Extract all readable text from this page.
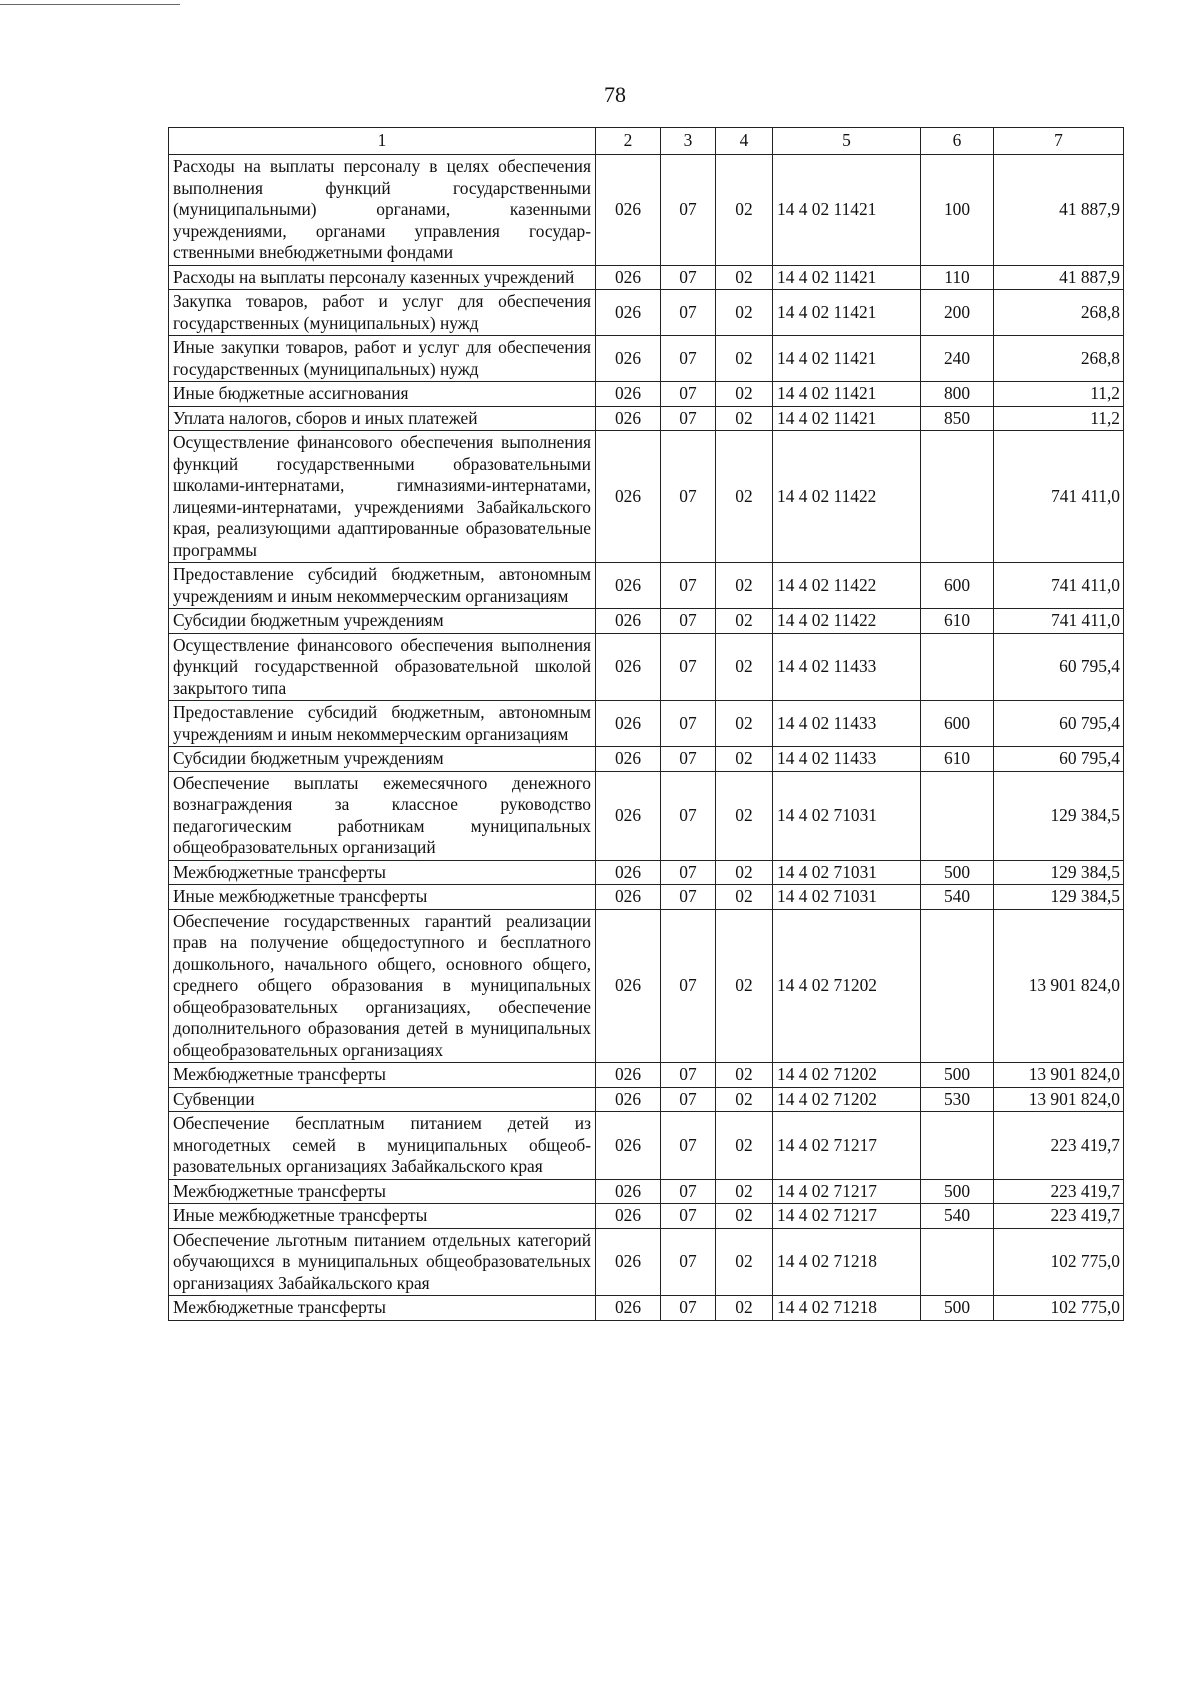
78
1	2	3	4	5	6	7
Расходы на выплаты персоналу в целях обеспечения выполнения функций государственными (муниципальными) органами, казенными учреждениями, органами управления государственными внебюджетными фондами	026	07	02	14 4 02 11421	100	41 887,9
Расходы на выплаты персоналу казенных учреждений	026	07	02	14 4 02 11421	110	41 887,9
Закупка товаров, работ и услуг для обеспечения государственных (муниципальных) нужд	026	07	02	14 4 02 11421	200	268,8
Иные закупки товаров, работ и услуг для обеспечения государственных (муниципальных) нужд	026	07	02	14 4 02 11421	240	268,8
Иные бюджетные ассигнования	026	07	02	14 4 02 11421	800	11,2
Уплата налогов, сборов и иных платежей	026	07	02	14 4 02 11421	850	11,2
Осуществление финансового обеспечения выполнения функций государственными образовательными школами-интернатами, гимназиями-интернатами, лицеями-интернатами, учреждениями Забайкальского края, реализующими адаптированные образовательные программы	026	07	02	14 4 02 11422		741 411,0
Предоставление субсидий бюджетным, автономным учреждениям и иным некоммерческим организациям	026	07	02	14 4 02 11422	600	741 411,0
Субсидии бюджетным учреждениям	026	07	02	14 4 02 11422	610	741 411,0
Осуществление финансового обеспечения выполнения функций государственной образовательной школой закрытого типа	026	07	02	14 4 02 11433		60 795,4
Предоставление субсидий бюджетным, автономным учреждениям и иным некоммерческим организациям	026	07	02	14 4 02 11433	600	60 795,4
Субсидии бюджетным учреждениям	026	07	02	14 4 02 11433	610	60 795,4
Обеспечение выплаты ежемесячного денежного вознаграждения за классное руководство педагогическим работникам муниципальных общеобразовательных организаций	026	07	02	14 4 02 71031		129 384,5
Межбюджетные трансферты	026	07	02	14 4 02 71031	500	129 384,5
Иные межбюджетные трансферты	026	07	02	14 4 02 71031	540	129 384,5
Обеспечение государственных гарантий реализации прав на получение общедоступного и бесплатного дошкольного, начального общего, основного общего, среднего общего образования в муниципальных общеобразовательных организациях, обеспечение дополнительного образования детей в муниципальных общеобразовательных организациях	026	07	02	14 4 02 71202		13 901 824,0
Межбюджетные трансферты	026	07	02	14 4 02 71202	500	13 901 824,0
Субвенции	026	07	02	14 4 02 71202	530	13 901 824,0
Обеспечение бесплатным питанием детей из многодетных семей в муниципальных общеобразовательных организациях Забайкальского края	026	07	02	14 4 02 71217		223 419,7
Межбюджетные трансферты	026	07	02	14 4 02 71217	500	223 419,7
Иные межбюджетные трансферты	026	07	02	14 4 02 71217	540	223 419,7
Обеспечение льготным питанием отдельных категорий обучающихся в муниципальных общеобразовательных организациях Забайкальского края	026	07	02	14 4 02 71218		102 775,0
Межбюджетные трансферты	026	07	02	14 4 02 71218	500	102 775,0
